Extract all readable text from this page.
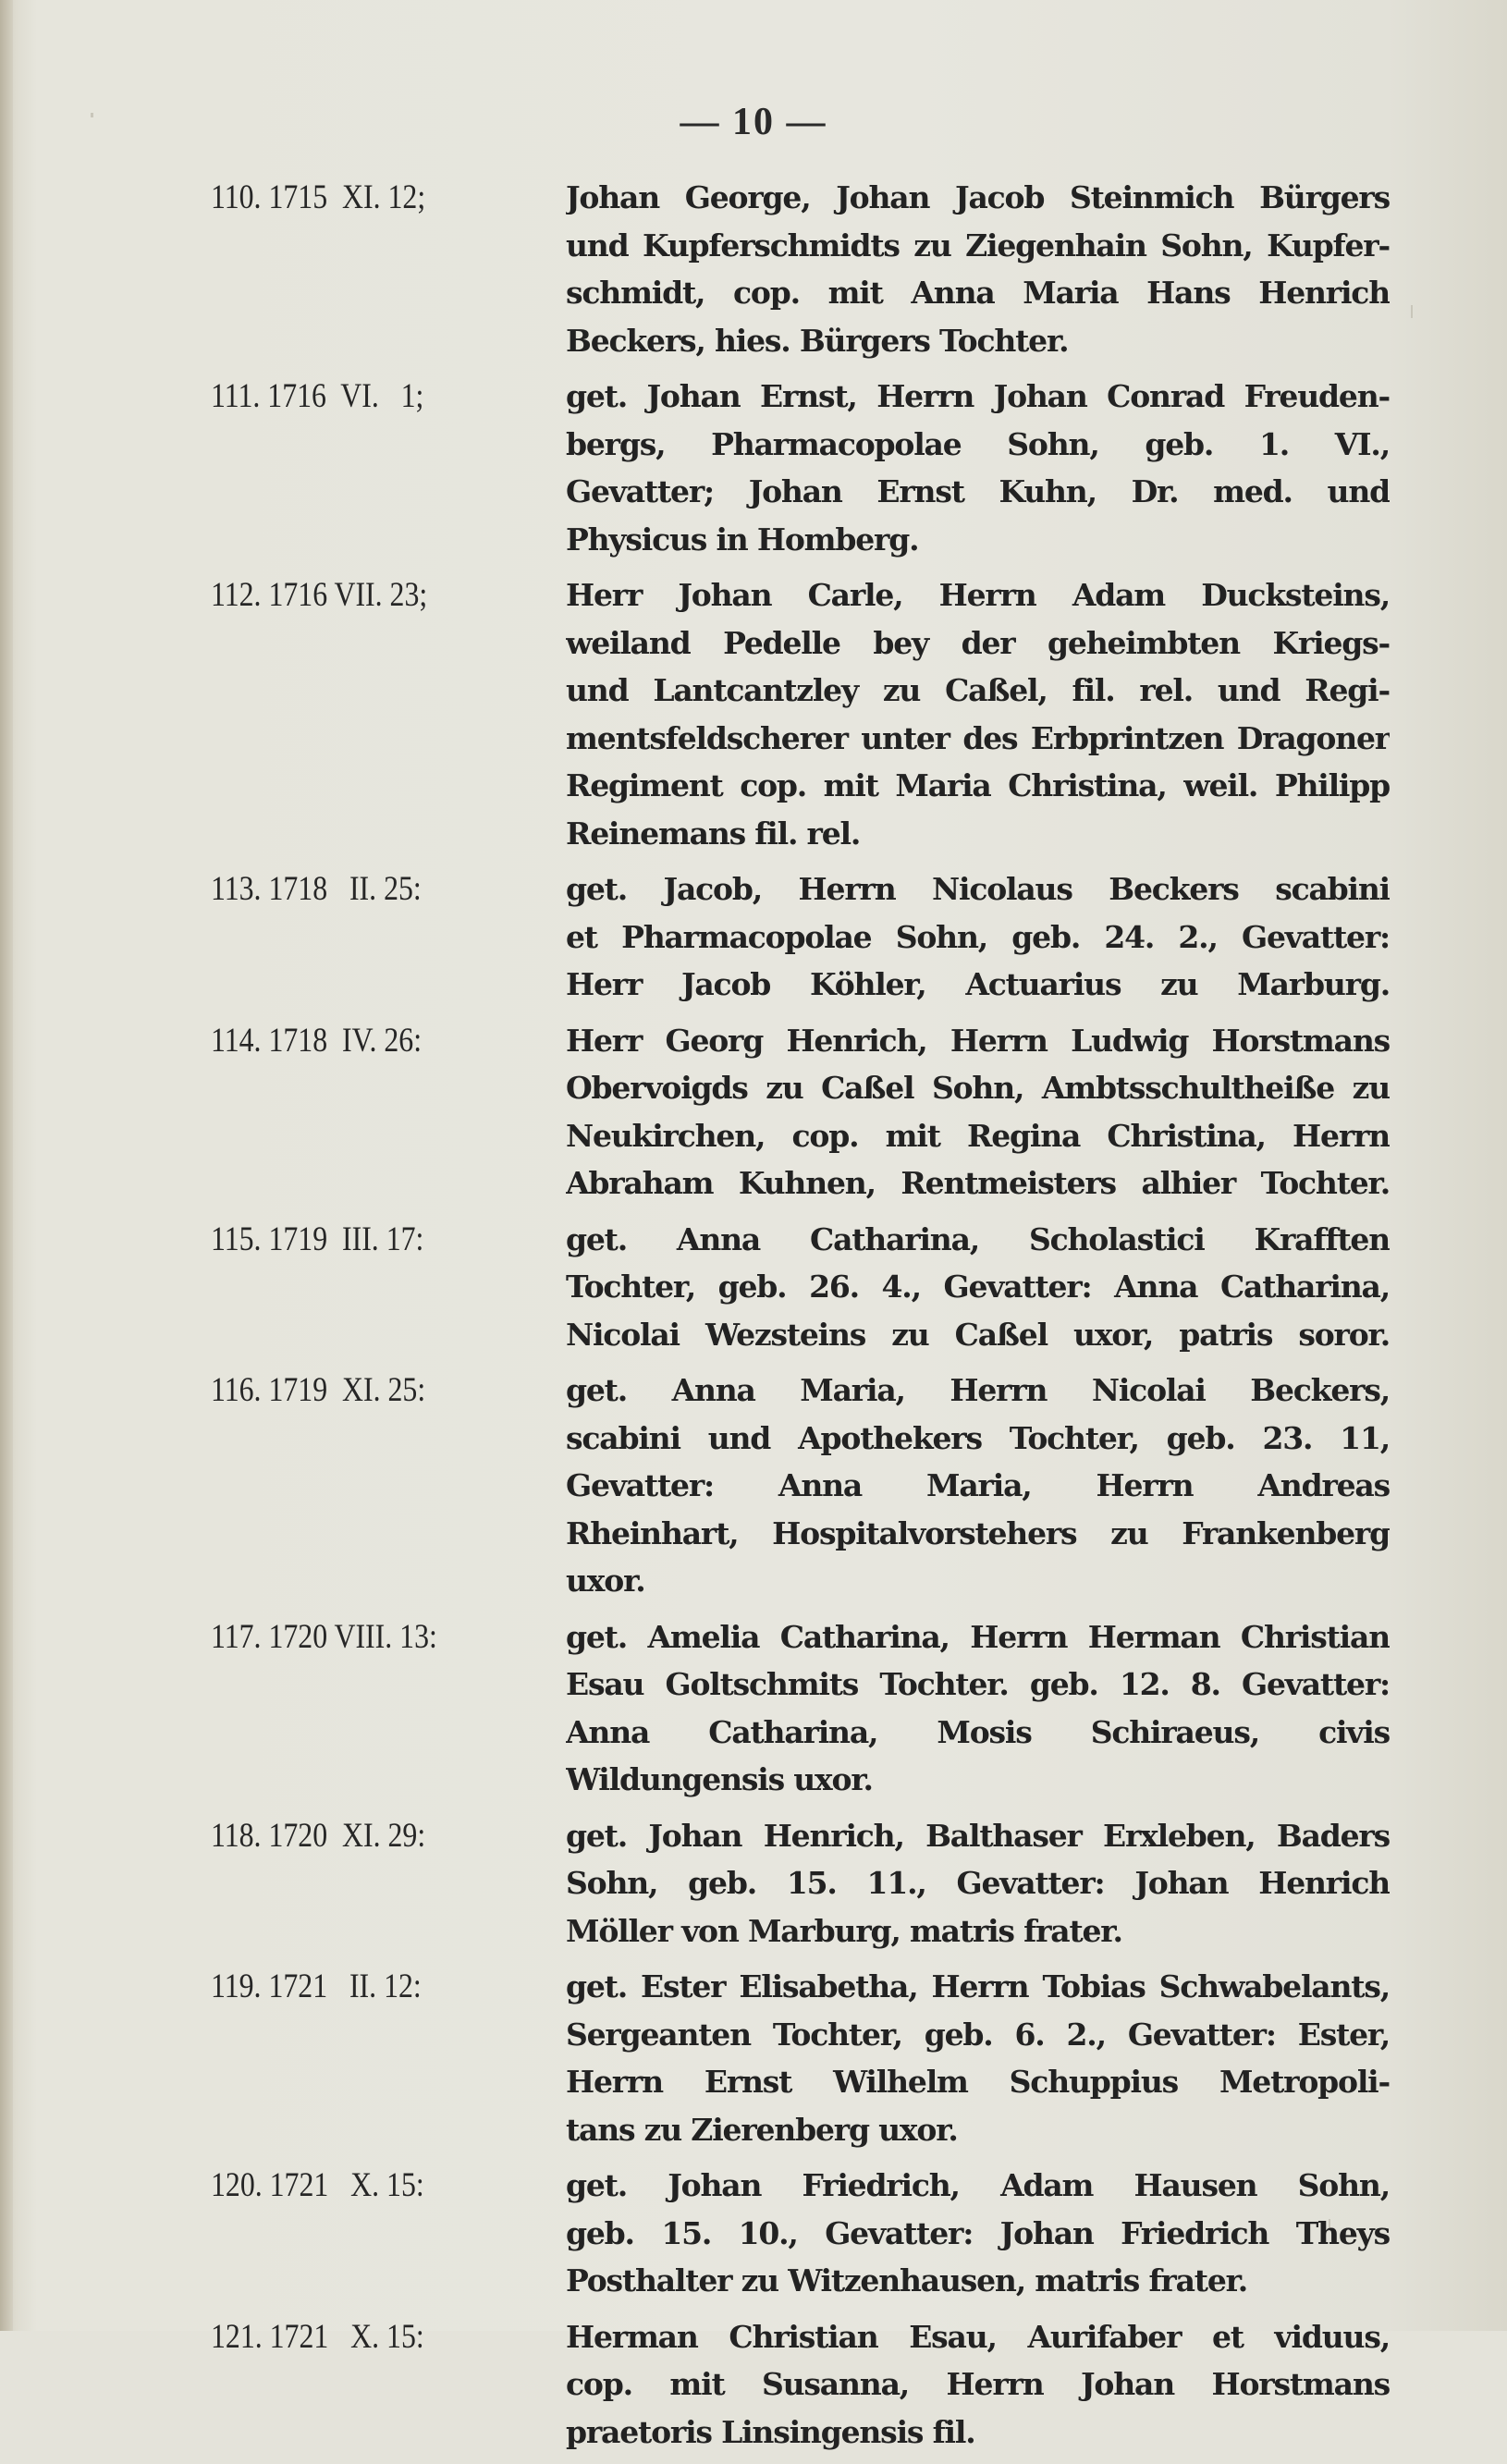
— 10 —
110. 1715  XI. 12;	Johan George, Johan Jacob Steinmich Bürgers
und Kupferschmidts zu Ziegenhain Sohn, Kupfer-
schmidt, cop. mit Anna Maria Hans Henrich
Beckers, hies. Bürgers Tochter.
111. 1716  VI.   1;	get. Johan Ernst, Herrn Johan Conrad Freuden-
bergs, Pharmacopolae Sohn, geb. 1. VI.,
Gevatter; Johan Ernst Kuhn, Dr. med. und
Physicus in Homberg.
112. 1716 VII. 23;	Herr Johan Carle, Herrn Adam Ducksteins,
weiland Pedelle bey der geheimbten Kriegs-
und Lantcantzley zu Caßel, fil. rel. und Regi-
mentsfeldscherer unter des Erbprintzen Dragoner
Regiment cop. mit Maria Christina, weil. Philipp
Reinemans fil. rel.
113. 1718   II. 25:	get. Jacob, Herrn Nicolaus Beckers scabini
et Pharmacopolae Sohn, geb. 24. 2., Gevatter:
Herr Jacob Köhler, Actuarius zu Marburg.
114. 1718  IV. 26:	Herr Georg Henrich, Herrn Ludwig Horstmans
Obervoigds zu Caßel Sohn, Ambtsschultheiße zu
Neukirchen, cop. mit Regina Christina, Herrn
Abraham Kuhnen, Rentmeisters alhier Tochter.
115. 1719  III. 17:	get. Anna Catharina, Scholastici Krafften
Tochter, geb. 26. 4., Gevatter: Anna Catharina,
Nicolai Wezsteins zu Caßel uxor, patris soror.
116. 1719  XI. 25:	get. Anna Maria, Herrn Nicolai Beckers,
scabini und Apothekers Tochter, geb. 23. 11,
Gevatter: Anna Maria, Herrn Andreas
Rheinhart, Hospitalvorstehers zu Frankenberg
uxor.
117. 1720 VIII. 13:	get. Amelia Catharina, Herrn Herman Christian
Esau Goltschmits Tochter. geb. 12. 8. Gevatter:
Anna Catharina, Mosis Schiraeus, civis
Wildungensis uxor.
118. 1720  XI. 29:	get. Johan Henrich, Balthaser Erxleben, Baders
Sohn, geb. 15. 11., Gevatter: Johan Henrich
Möller von Marburg, matris frater.
119. 1721   II. 12:	get. Ester Elisabetha, Herrn Tobias Schwabelants,
Sergeanten Tochter, geb. 6. 2., Gevatter: Ester,
Herrn Ernst Wilhelm Schuppius Metropoli-
tans zu Zierenberg uxor.
120. 1721   X. 15:	get. Johan Friedrich, Adam Hausen Sohn,
geb. 15. 10., Gevatter: Johan Friedrich Theys
Posthalter zu Witzenhausen, matris frater.
121. 1721   X. 15:	Herman Christian Esau, Aurifaber et viduus,
cop. mit Susanna, Herrn Johan Horstmans
praetoris Linsingensis fil.
